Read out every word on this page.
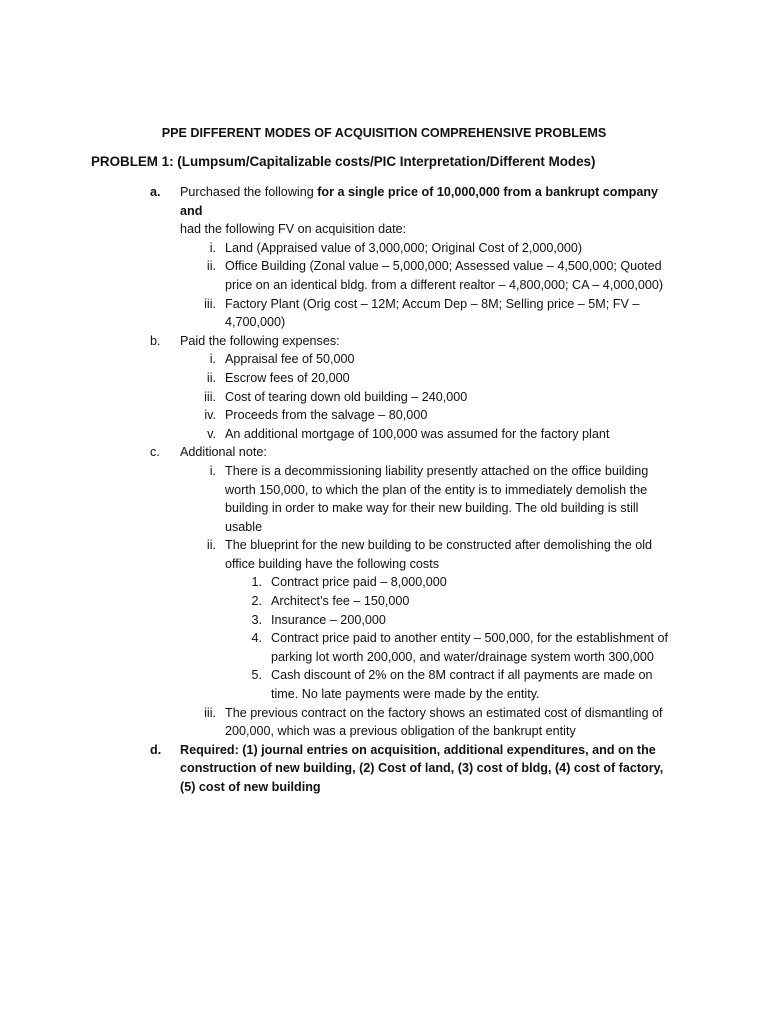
PPE DIFFERENT MODES OF ACQUISITION COMPREHENSIVE PROBLEMS
PROBLEM 1: (Lumpsum/Capitalizable costs/PIC Interpretation/Different Modes)
a.	Purchased the following for a single price of 10,000,000 from a bankrupt company and
had the following FV on acquisition date:
i. Land (Appraised value of 3,000,000; Original Cost of 2,000,000)
ii. Office Building (Zonal value – 5,000,000; Assessed value – 4,500,000; Quoted price on an identical bldg. from a different realtor – 4,800,000; CA – 4,000,000)
iii. Factory Plant (Orig cost – 12M; Accum Dep – 8M; Selling price – 5M; FV – 4,700,000)
b.	Paid the following expenses:
i. Appraisal fee of 50,000
ii. Escrow fees of 20,000
iii. Cost of tearing down old building – 240,000
iv. Proceeds from the salvage – 80,000
v. An additional mortgage of 100,000 was assumed for the factory plant
c.	Additional note:
i. There is a decommissioning liability presently attached on the office building worth 150,000, to which the plan of the entity is to immediately demolish the building in order to make way for their new building. The old building is still usable
ii. The blueprint for the new building to be constructed after demolishing the old office building have the following costs
1. Contract price paid – 8,000,000
2. Architect’s fee – 150,000
3. Insurance – 200,000
4. Contract price paid to another entity – 500,000, for the establishment of parking lot worth 200,000, and water/drainage system worth 300,000
5. Cash discount of 2% on the 8M contract if all payments are made on time. No late payments were made by the entity.
iii. The previous contract on the factory shows an estimated cost of dismantling of 200,000, which was a previous obligation of the bankrupt entity
d.	Required: (1) journal entries on acquisition, additional expenditures, and on the construction of new building, (2) Cost of land, (3) cost of bldg, (4) cost of factory, (5) cost of new building
